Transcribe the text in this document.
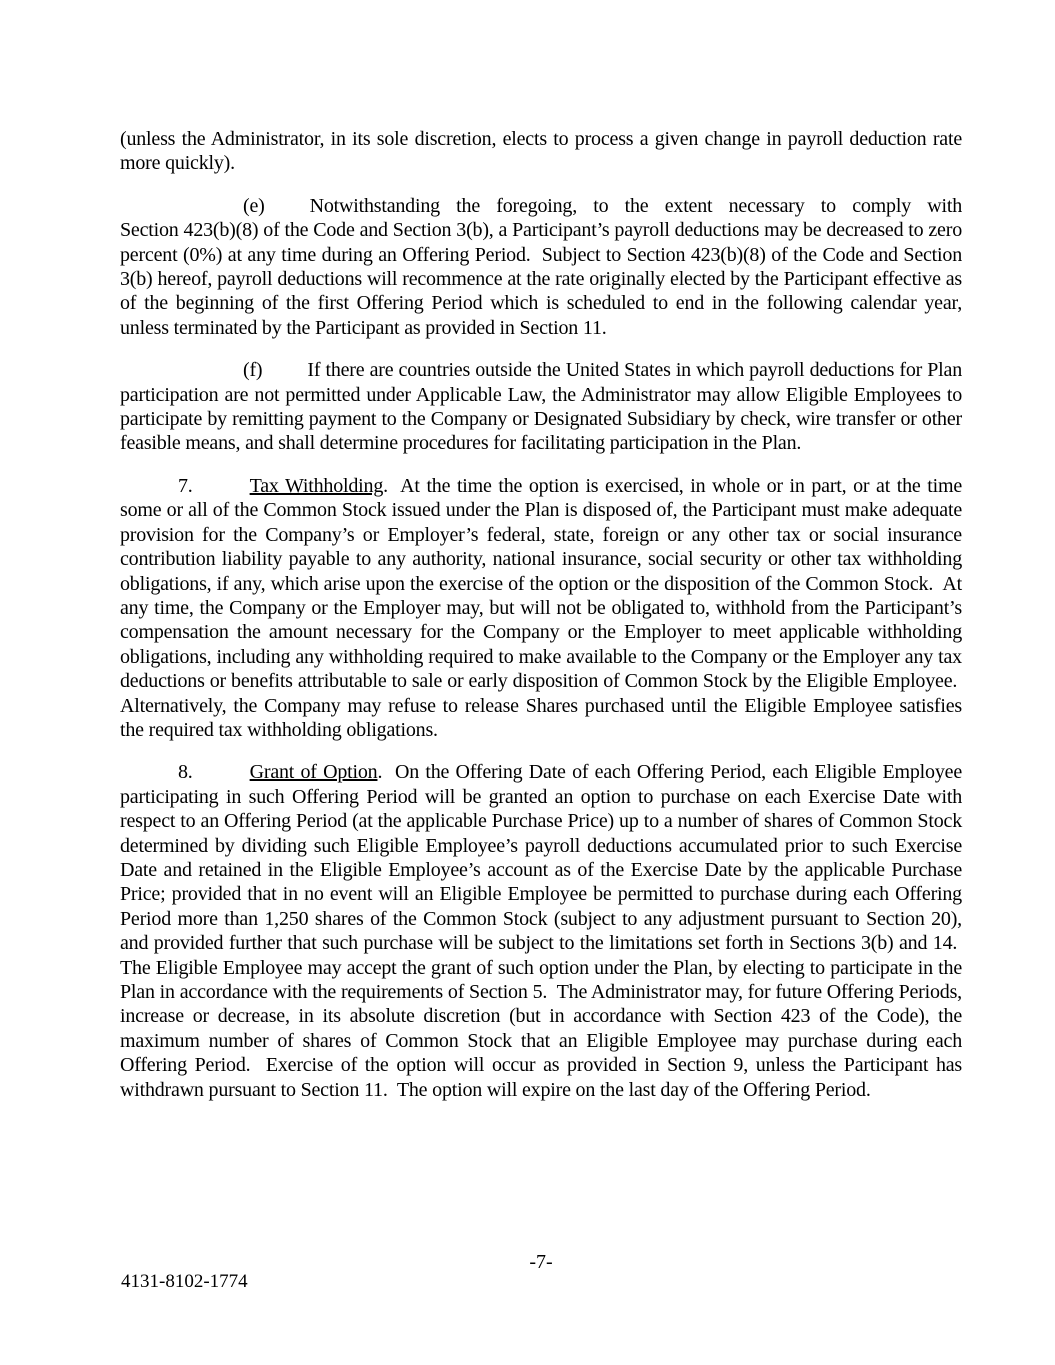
(unless the Administrator, in its sole discretion, elects to process a given change in payroll deduction rate more quickly).

(e) Notwithstanding the foregoing, to the extent necessary to comply with Section 423(b)(8) of the Code and Section 3(b), a Participant’s payroll deductions may be decreased to zero percent (0%) at any time during an Offering Period.  Subject to Section 423(b)(8) of the Code and Section 3(b) hereof, payroll deductions will recommence at the rate originally elected by the Participant effective as of the beginning of the first Offering Period which is scheduled to end in the following calendar year, unless terminated by the Participant as provided in Section 11.

(f) If there are countries outside the United States in which payroll deductions for Plan participation are not permitted under Applicable Law, the Administrator may allow Eligible Employees to participate by remitting payment to the Company or Designated Subsidiary by check, wire transfer or other feasible means, and shall determine procedures for facilitating participation in the Plan.

7.	Tax Withholding.  At the time the option is exercised, in whole or in part, or at the time some or all of the Common Stock issued under the Plan is disposed of, the Participant must make adequate provision for the Company’s or Employer’s federal, state, foreign or any other tax or social insurance contribution liability payable to any authority, national insurance, social security or other tax withholding obligations, if any, which arise upon the exercise of the option or the disposition of the Common Stock.  At any time, the Company or the Employer may, but will not be obligated to, withhold from the Participant’s compensation the amount necessary for the Company or the Employer to meet applicable withholding obligations, including any withholding required to make available to the Company or the Employer any tax deductions or benefits attributable to sale or early disposition of Common Stock by the Eligible Employee.  Alternatively, the Company may refuse to release Shares purchased until the Eligible Employee satisfies the required tax withholding obligations.

8.	Grant of Option.  On the Offering Date of each Offering Period, each Eligible Employee participating in such Offering Period will be granted an option to purchase on each Exercise Date with respect to an Offering Period (at the applicable Purchase Price) up to a number of shares of Common Stock determined by dividing such Eligible Employee’s payroll deductions accumulated prior to such Exercise Date and retained in the Eligible Employee’s account as of the Exercise Date by the applicable Purchase Price; provided that in no event will an Eligible Employee be permitted to purchase during each Offering Period more than 1,250 shares of the Common Stock (subject to any adjustment pursuant to Section 20), and provided further that such purchase will be subject to the limitations set forth in Sections 3(b) and 14.  The Eligible Employee may accept the grant of such option under the Plan, by electing to participate in the Plan in accordance with the requirements of Section 5.  The Administrator may, for future Offering Periods, increase or decrease, in its absolute discretion (but in accordance with Section 423 of the Code), the maximum number of shares of Common Stock that an Eligible Employee may purchase during each Offering Period.  Exercise of the option will occur as provided in Section 9, unless the Participant has withdrawn pursuant to Section 11.  The option will expire on the last day of the Offering Period.

-7-
4131-8102-1774
